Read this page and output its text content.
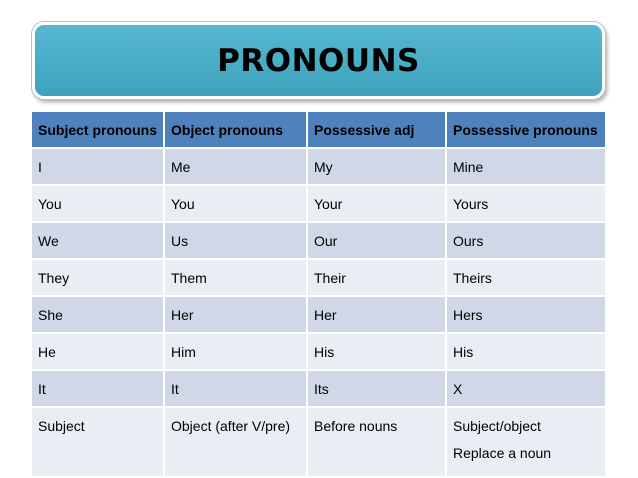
PRONOUNS
Subject pronouns	Object pronouns	Possessive adj	Possessive pronouns
I	Me	My	Mine
You	You	Your	Yours
We	Us	Our	Ours
They	Them	Their	Theirs
She	Her	Her	Hers
He	Him	His	His
It	It	Its	X
Subject	Object (after V/pre)	Before nouns	Subject/object
Replace a noun
